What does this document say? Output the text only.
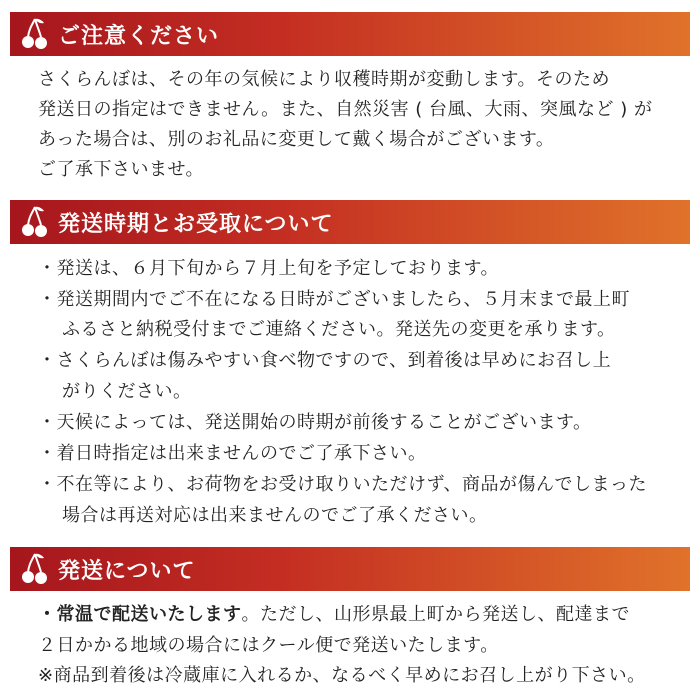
ご注意ください
さくらんぼは、その年の気候により収穫時期が変動します。そのため
発送日の指定はできません。また、自然災害 ( 台風、大雨、突風など ) が
あった場合は、別のお礼品に変更して戴く場合がございます。
ご了承下さいませ。
発送時期とお受取について
・発送は、６月下旬から７月上旬を予定しております。
・発送期間内でご不在になる日時がございましたら、５月末まで最上町
ふるさと納税受付までご連絡ください。発送先の変更を承ります。
・さくらんぼは傷みやすい食べ物ですので、到着後は早めにお召し上
がりください。
・天候によっては、発送開始の時期が前後することがございます。
・着日時指定は出来ませんのでご了承下さい。
・不在等により、お荷物をお受け取りいただけず、商品が傷んでしまった
場合は再送対応は出来ませんのでご了承ください。
発送について
・常温で配送いたします。ただし、山形県最上町から発送し、配達まで
２日かかる地域の場合にはクール便で発送いたします。
※商品到着後は冷蔵庫に入れるか、なるべく早めにお召し上がり下さい。
